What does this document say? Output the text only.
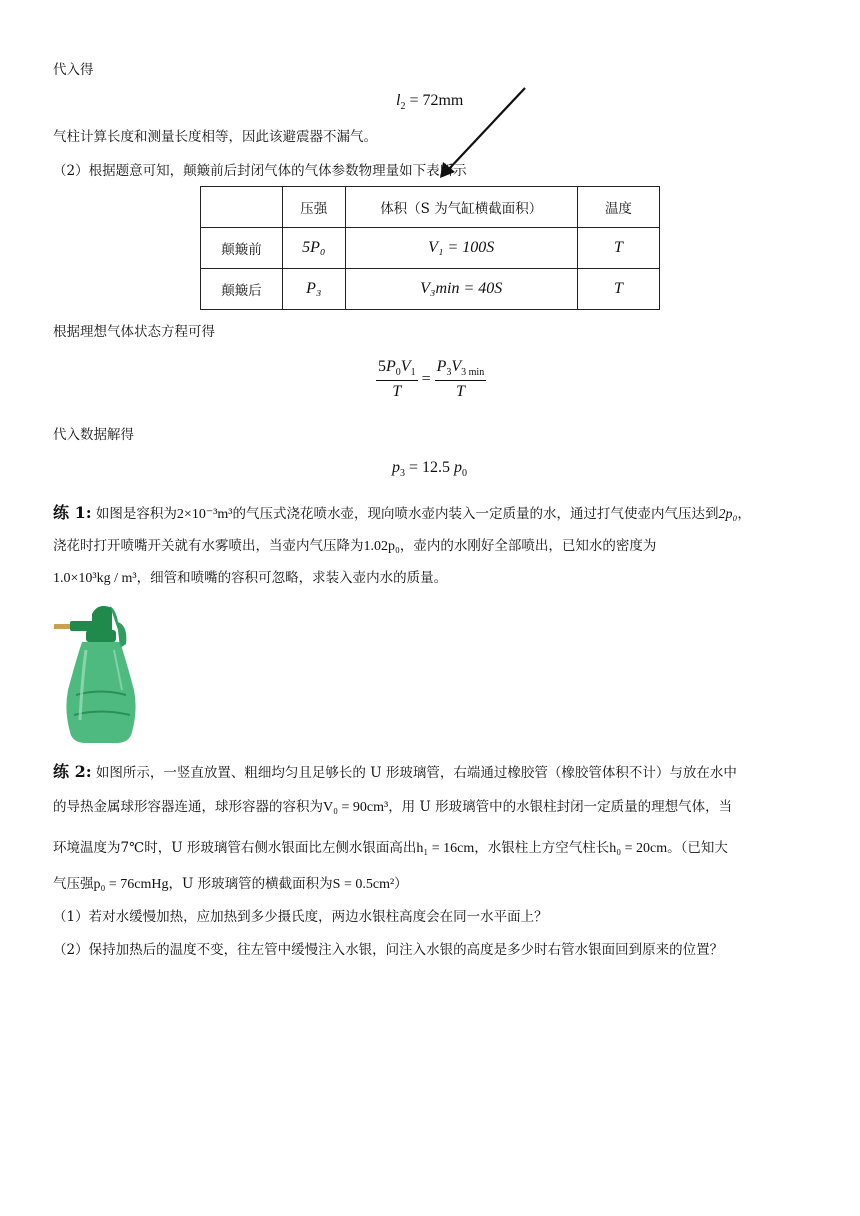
代入得
$l_2 = 72mm$
气柱计算长度和测量长度相等，因此该避震器不漏气。
（2）根据题意可知，颠簸前后封闭气体的气体参数物理量如下表所示
	压强	体积（S 为气缸横截面积）	温度
颠簸前	5P₀	V₁ = 100S	T
颠簸后	P₃	V₃min = 40S	T
根据理想气体状态方程可得
$\frac{5P_0V_1}{T} = \frac{P_3V_{3 min}}{T}$
代入数据解得
$p_3 = 12.5$ $p_0$
练 1: 如图是容积为2×10⁻³m³的气压式浇花喷水壶，现向喷水壶内装入一定质量的水，通过打气使壶内气压达到2p₀，
浇花时打开喷嘴开关就有水雾喷出，当壶内气压降为1.02p₀，壶内的水刚好全部喷出，已知水的密度为
1.0×10³kg / m³，细管和喷嘴的容积可忽略，求装入壶内水的质量。
练 2: 如图所示，一竖直放置、粗细均匀且足够长的 U 形玻璃管，右端通过橡胶管（橡胶管体积不计）与放在水中
的导热金属球形容器连通，球形容器的容积为V₀ = 90cm³，用 U 形玻璃管中的水银柱封闭一定质量的理想气体，当
环境温度为7℃时，U 形玻璃管右侧水银面比左侧水银面高出h₁ = 16cm，水银柱上方空气柱长h₀ = 20cm。（已知大
气压强p₀ = 76cmHg，U 形玻璃管的横截面积为S = 0.5cm²）
（1）若对水缓慢加热，应加热到多少摄氏度，两边水银柱高度会在同一水平面上？
（2）保持加热后的温度不变，往左管中缓慢注入水银，问注入水银的高度是多少时右管水银面回到原来的位置？
